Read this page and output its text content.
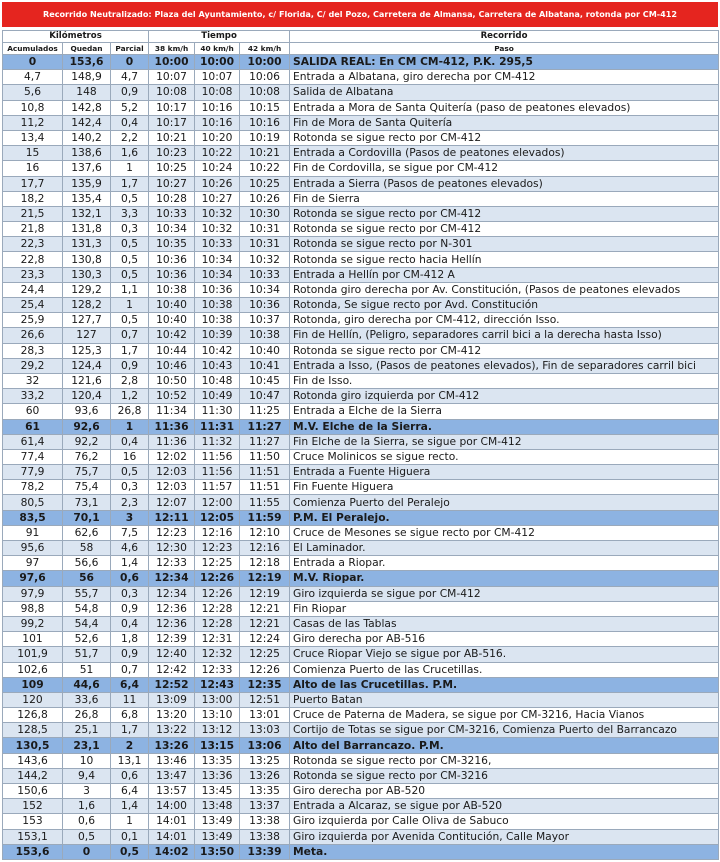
Recorrido Neutralizado: Plaza del Ayuntamiento, c/ Florida, C/ del Pozo, Carretera de Almansa, Carretera de Albatana, rotonda por CM-412
Kilómetros			Tiempo			Recorrido
Acumulados	Quedan	Parcial	38 km/h	40 km/h	42 km/h	Paso
0	153,6	0	10:00	10:00	10:00	SALIDA REAL: En CM CM-412, P.K. 295,5
4,7	148,9	4,7	10:07	10:07	10:06	Entrada a Albatana, giro derecha por CM-412
5,6	148	0,9	10:08	10:08	10:08	Salida de Albatana
10,8	142,8	5,2	10:17	10:16	10:15	Entrada a Mora de Santa Quitería (paso de peatones elevados)
11,2	142,4	0,4	10:17	10:16	10:16	Fin de Mora de Santa Quitería
13,4	140,2	2,2	10:21	10:20	10:19	Rotonda se sigue recto por CM-412
15	138,6	1,6	10:23	10:22	10:21	Entrada a Cordovilla (Pasos de peatones elevados)
16	137,6	1	10:25	10:24	10:22	Fin de Cordovilla, se sigue por CM-412
17,7	135,9	1,7	10:27	10:26	10:25	Entrada a Sierra (Pasos de peatones elevados)
18,2	135,4	0,5	10:28	10:27	10:26	Fin de Sierra
21,5	132,1	3,3	10:33	10:32	10:30	Rotonda se sigue recto por CM-412
21,8	131,8	0,3	10:34	10:32	10:31	Rotonda se sigue recto por CM-412
22,3	131,3	0,5	10:35	10:33	10:31	Rotonda se sigue recto por N-301
22,8	130,8	0,5	10:36	10:34	10:32	Rotonda se sigue recto hacia Hellín
23,3	130,3	0,5	10:36	10:34	10:33	Entrada a Hellín por CM-412 A
24,4	129,2	1,1	10:38	10:36	10:34	Rotonda giro derecha por Av. Constitución, (Pasos de peatones elevados
25,4	128,2	1	10:40	10:38	10:36	Rotonda, Se sigue recto por Avd. Constitución
25,9	127,7	0,5	10:40	10:38	10:37	Rotonda, giro derecha por CM-412, dirección Isso.
26,6	127	0,7	10:42	10:39	10:38	Fin de Hellín, (Peligro, separadores carril bici a la derecha hasta Isso)
28,3	125,3	1,7	10:44	10:42	10:40	Rotonda se sigue recto por CM-412
29,2	124,4	0,9	10:46	10:43	10:41	Entrada a Isso, (Pasos de peatones elevados), Fin de separadores carril bici
32	121,6	2,8	10:50	10:48	10:45	Fin de Isso.
33,2	120,4	1,2	10:52	10:49	10:47	Rotonda giro izquierda por CM-412
60	93,6	26,8	11:34	11:30	11:25	Entrada a Elche de la Sierra
61	92,6	1	11:36	11:31	11:27	M.V. Elche de la Sierra.
61,4	92,2	0,4	11:36	11:32	11:27	Fin Elche de la Sierra, se sigue por CM-412
77,4	76,2	16	12:02	11:56	11:50	Cruce Molinicos se sigue recto.
77,9	75,7	0,5	12:03	11:56	11:51	Entrada a Fuente Higuera
78,2	75,4	0,3	12:03	11:57	11:51	Fin Fuente Higuera
80,5	73,1	2,3	12:07	12:00	11:55	Comienza Puerto del Peralejo
83,5	70,1	3	12:11	12:05	11:59	P.M. El Peralejo.
91	62,6	7,5	12:23	12:16	12:10	Cruce de Mesones se sigue recto por CM-412
95,6	58	4,6	12:30	12:23	12:16	El Laminador.
97	56,6	1,4	12:33	12:25	12:18	Entrada a Riopar.
97,6	56	0,6	12:34	12:26	12:19	M.V. Riopar.
97,9	55,7	0,3	12:34	12:26	12:19	Giro izquierda se sigue por CM-412
98,8	54,8	0,9	12:36	12:28	12:21	Fin Riopar
99,2	54,4	0,4	12:36	12:28	12:21	Casas de las Tablas
101	52,6	1,8	12:39	12:31	12:24	Giro derecha por AB-516
101,9	51,7	0,9	12:40	12:32	12:25	Cruce Riopar Viejo se sigue por AB-516.
102,6	51	0,7	12:42	12:33	12:26	Comienza Puerto de las Crucetillas.
109	44,6	6,4	12:52	12:43	12:35	Alto de las Crucetillas. P.M.
120	33,6	11	13:09	13:00	12:51	Puerto Batan
126,8	26,8	6,8	13:20	13:10	13:01	Cruce de Paterna de Madera, se sigue por CM-3216, Hacia Vianos
128,5	25,1	1,7	13:22	13:12	13:03	Cortijo de Totas se sigue por CM-3216, Comienza Puerto del Barrancazo
130,5	23,1	2	13:26	13:15	13:06	Alto del Barrancazo. P.M.
143,6	10	13,1	13:46	13:35	13:25	Rotonda se sigue recto por CM-3216,
144,2	9,4	0,6	13:47	13:36	13:26	Rotonda se sigue recto por CM-3216
150,6	3	6,4	13:57	13:45	13:35	Giro derecha por AB-520
152	1,6	1,4	14:00	13:48	13:37	Entrada a Alcaraz, se sigue por AB-520
153	0,6	1	14:01	13:49	13:38	Giro izquierda por Calle Oliva de Sabuco
153,1	0,5	0,1	14:01	13:49	13:38	Giro izquierda por Avenida Contitución, Calle Mayor
153,6	0	0,5	14:02	13:50	13:39	Meta.
